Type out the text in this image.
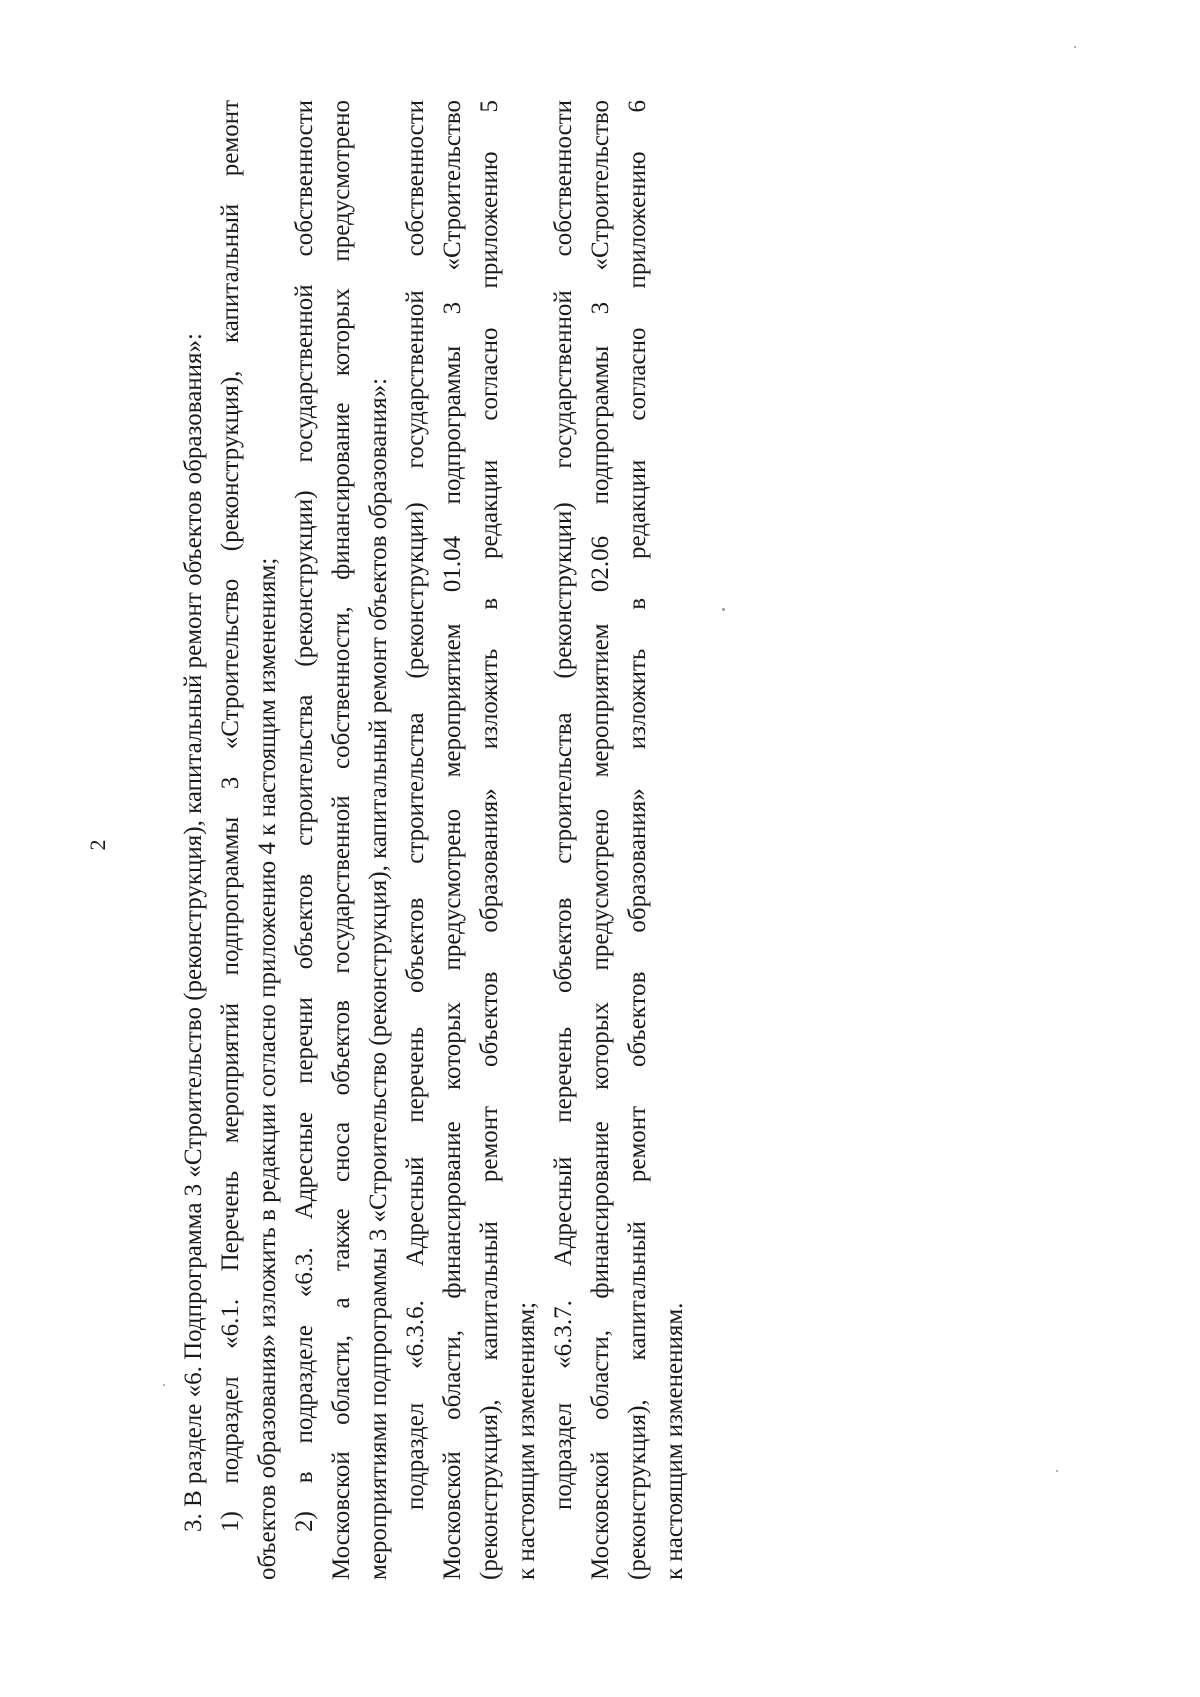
2	3. В разделе «6. Подпрограмма 3 «Строительство (реконструкция), капитальный ремонт объектов образования»: 1) подраздел «6.1. Перечень мероприятий подпрограммы 3 «Строительство (реконструкция), капитальный ремонт объектов образования» изложить в редакции согласно приложению 4 к настоящим изменениям; 2) в подразделе «6.3. Адресные перечни объектов строительства (реконструкции) государственной собственности Московской области, а также сноса объектов государственной собственности, финансирование которых предусмотрено мероприятиями подпрограммы 3 «Строительство (реконструкция), капитальный ремонт объектов образования»: подраздел «6.3.6. Адресный перечень объектов строительства (реконструкции) государственной собственности Московской области, финансирование которых предусмотрено мероприятием 01.04 подпрограммы 3 «Строительство (реконструкция), капитальный ремонт объектов образования» изложить в редакции согласно приложению 5 к настоящим изменениям; подраздел «6.3.7. Адресный перечень объектов строительства (реконструкции) государственной собственности Московской области, финансирование которых предусмотрено мероприятием 02.06 подпрограммы 3 «Строительство (реконструкция), капитальный ремонт объектов образования» изложить в редакции согласно приложению 6 к настоящим изменениям.
